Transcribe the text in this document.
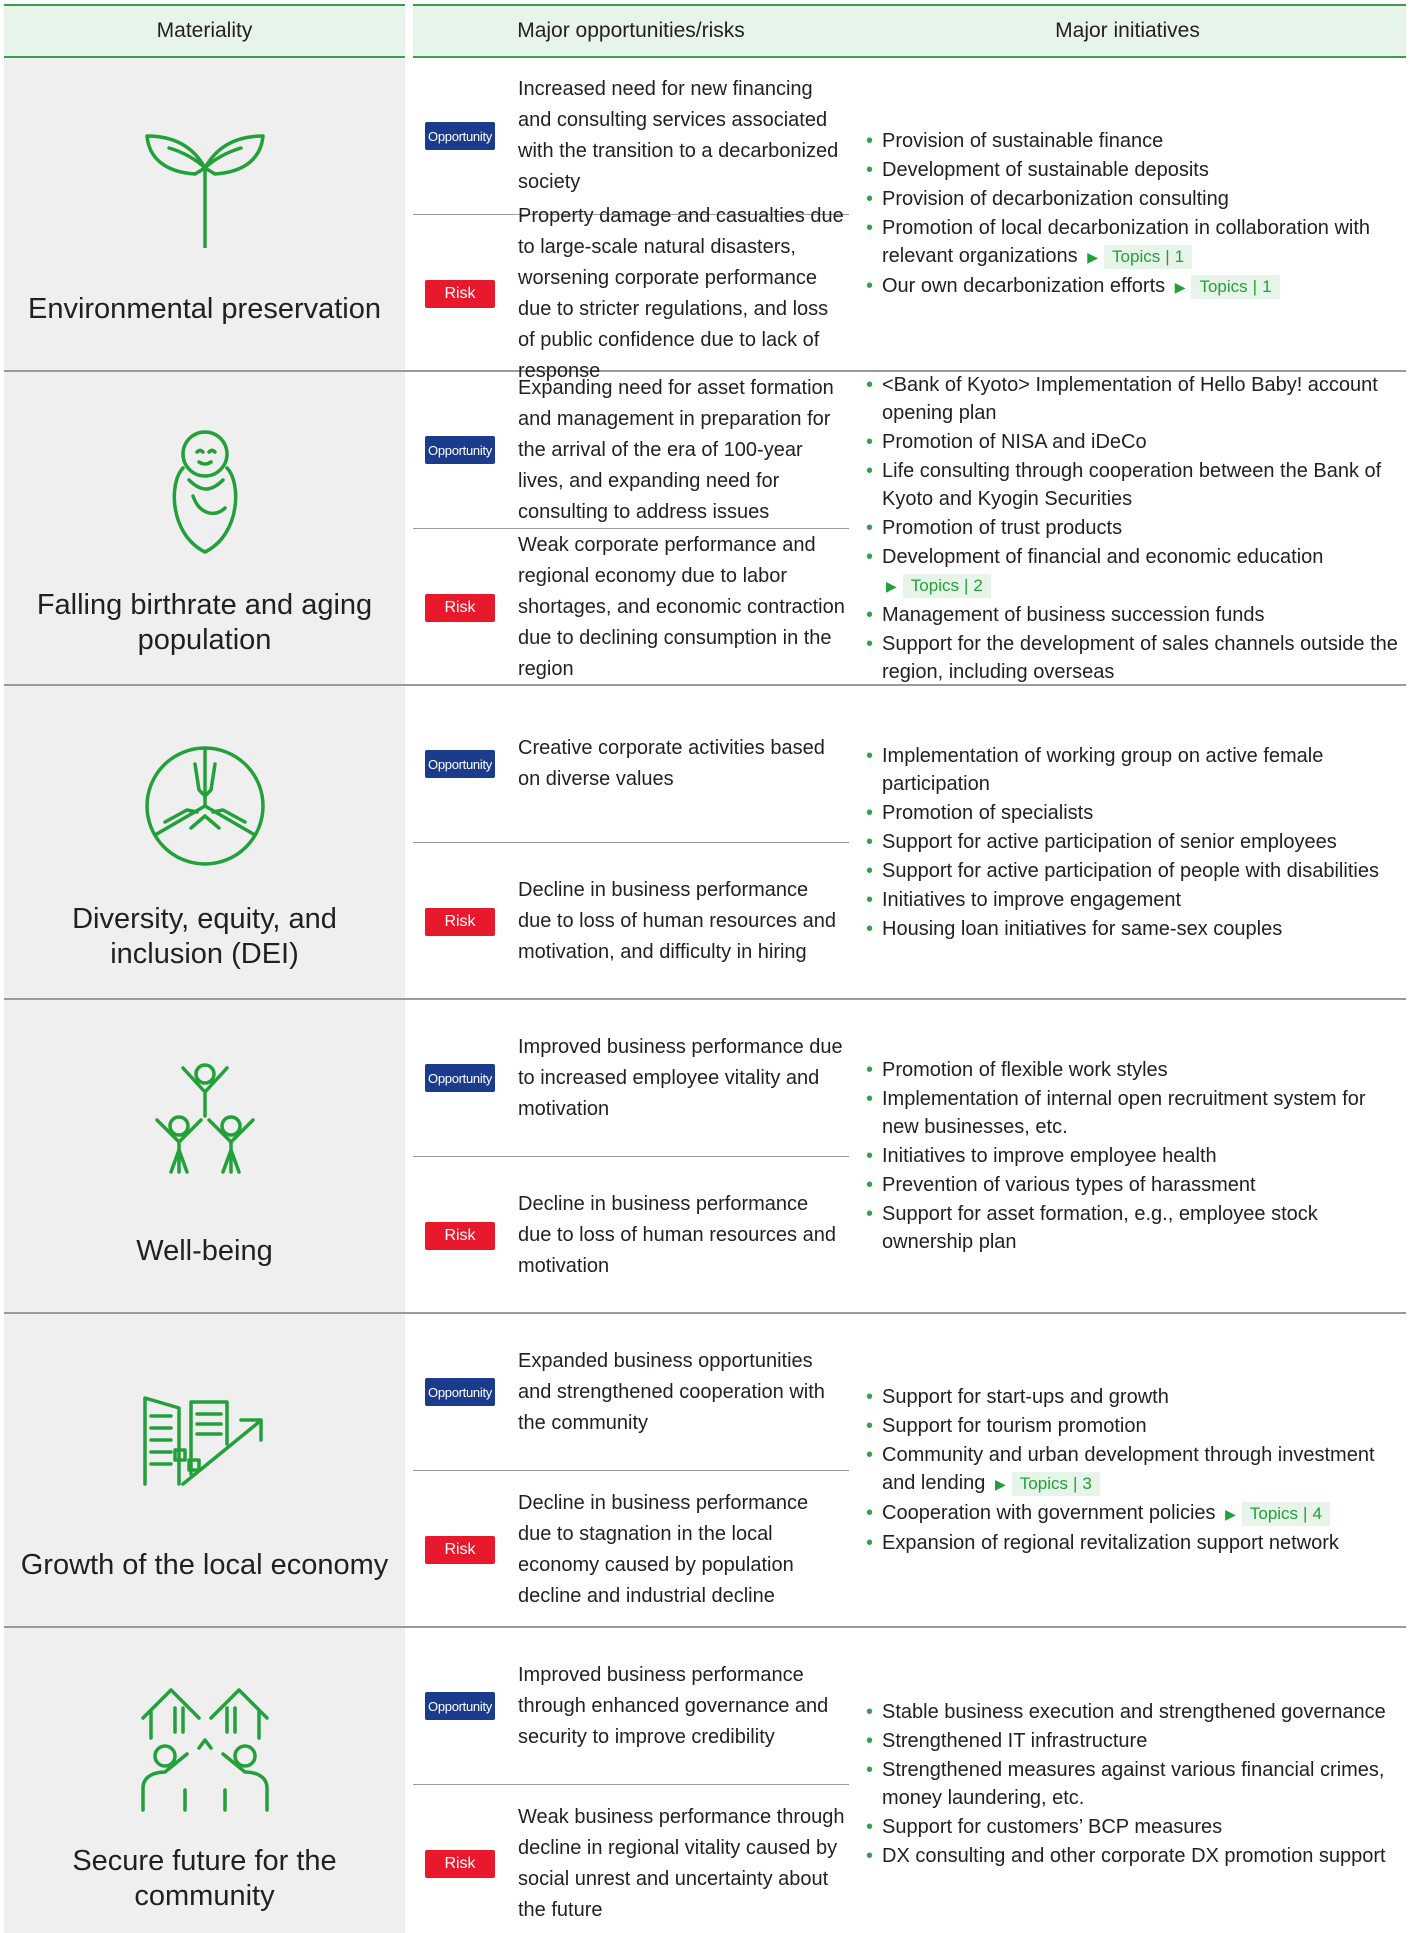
Materiality	Major opportunities/risks	Major initiatives
Environmental preservation
Opportunity
Increased need for new financing and consulting services associated with the transition to a decarbonized society
Risk
Property damage and casualties due to large-scale natural disasters, worsening corporate performance due to stricter regulations, and loss of public confidence due to lack of response
• Provision of sustainable finance
• Development of sustainable deposits
• Provision of decarbonization consulting
• Promotion of local decarbonization in collaboration with relevant organizations ▶ Topics | 1
• Our own decarbonization efforts ▶ Topics | 1
Falling birthrate and aging population
Opportunity
Expanding need for asset formation and management in preparation for the arrival of the era of 100-year lives, and expanding need for consulting to address issues
Risk
Weak corporate performance and regional economy due to labor shortages, and economic contraction due to declining consumption in the region
• <Bank of Kyoto> Implementation of Hello Baby! account opening plan
• Promotion of NISA and iDeCo
• Life consulting through cooperation between the Bank of Kyoto and Kyogin Securities
• Promotion of trust products
• Development of financial and economic education
▶ Topics | 2
• Management of business succession funds
• Support for the development of sales channels outside the region, including overseas
Diversity, equity, and inclusion (DEI)
Opportunity
Creative corporate activities based on diverse values
Risk
Decline in business performance due to loss of human resources and motivation, and difficulty in hiring
• Implementation of working group on active female participation
• Promotion of specialists
• Support for active participation of senior employees
• Support for active participation of people with disabilities
• Initiatives to improve engagement
• Housing loan initiatives for same-sex couples
Well-being
Opportunity
Improved business performance due to increased employee vitality and motivation
Risk
Decline in business performance due to loss of human resources and motivation
• Promotion of flexible work styles
• Implementation of internal open recruitment system for new businesses, etc.
• Initiatives to improve employee health
• Prevention of various types of harassment
• Support for asset formation, e.g., employee stock ownership plan
Growth of the local economy
Opportunity
Expanded business opportunities and strengthened cooperation with the community
Risk
Decline in business performance due to stagnation in the local economy caused by population decline and industrial decline
• Support for start-ups and growth
• Support for tourism promotion
• Community and urban development through investment and lending ▶ Topics | 3
• Cooperation with government policies ▶ Topics | 4
• Expansion of regional revitalization support network
Secure future for the community
Opportunity
Improved business performance through enhanced governance and security to improve credibility
Risk
Weak business performance through decline in regional vitality caused by social unrest and uncertainty about the future
• Stable business execution and strengthened governance
• Strengthened IT infrastructure
• Strengthened measures against various financial crimes, money laundering, etc.
• Support for customers’ BCP measures
• DX consulting and other corporate DX promotion support
